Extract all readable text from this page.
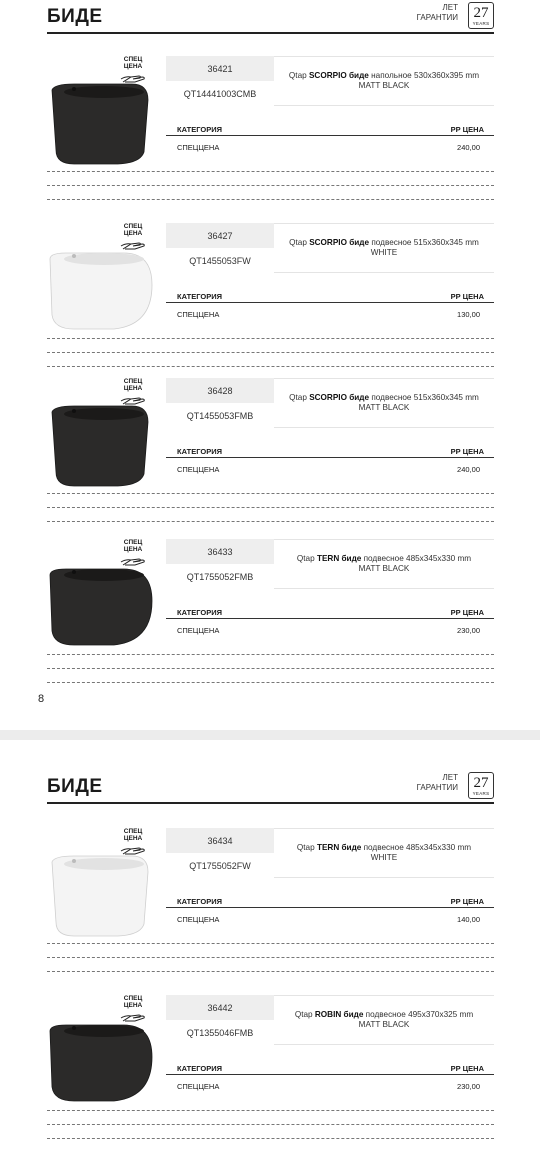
БИДЕ	ЛЕТ
ГАРАНТИИ	27
YEARS
СПЕЦ
ЦЕНА	36421
QT14441003CMB
Qtap SCORPIO биде напольное 530x360x395 mm
MATT BLACK
КАТЕГОРИЯ	РР ЦЕНА
СПЕЦЦЕНА	240,00
СПЕЦ
ЦЕНА	36427
QT1455053FW
Qtap SCORPIO биде подвесное 515x360x345 mm
WHITE
КАТЕГОРИЯ	РР ЦЕНА
СПЕЦЦЕНА	130,00
СПЕЦ
ЦЕНА	36428
QT1455053FMB
Qtap SCORPIO биде подвесное 515x360x345 mm
MATT BLACK
КАТЕГОРИЯ	РР ЦЕНА
СПЕЦЦЕНА	240,00
СПЕЦ
ЦЕНА	36433
QT1755052FMB
Qtap TERN биде подвесное 485x345x330 mm
MATT BLACK
КАТЕГОРИЯ	РР ЦЕНА
СПЕЦЦЕНА	230,00
8
БИДЕ	ЛЕТ
ГАРАНТИИ	27
YEARS
СПЕЦ
ЦЕНА	36434
QT1755052FW
Qtap TERN биде подвесное 485x345x330 mm
WHITE
КАТЕГОРИЯ	РР ЦЕНА
СПЕЦЦЕНА	140,00
СПЕЦ
ЦЕНА	36442
QT1355046FMB
Qtap ROBIN биде подвесное 495x370x325 mm
MATT BLACK
КАТЕГОРИЯ	РР ЦЕНА
СПЕЦЦЕНА	230,00
